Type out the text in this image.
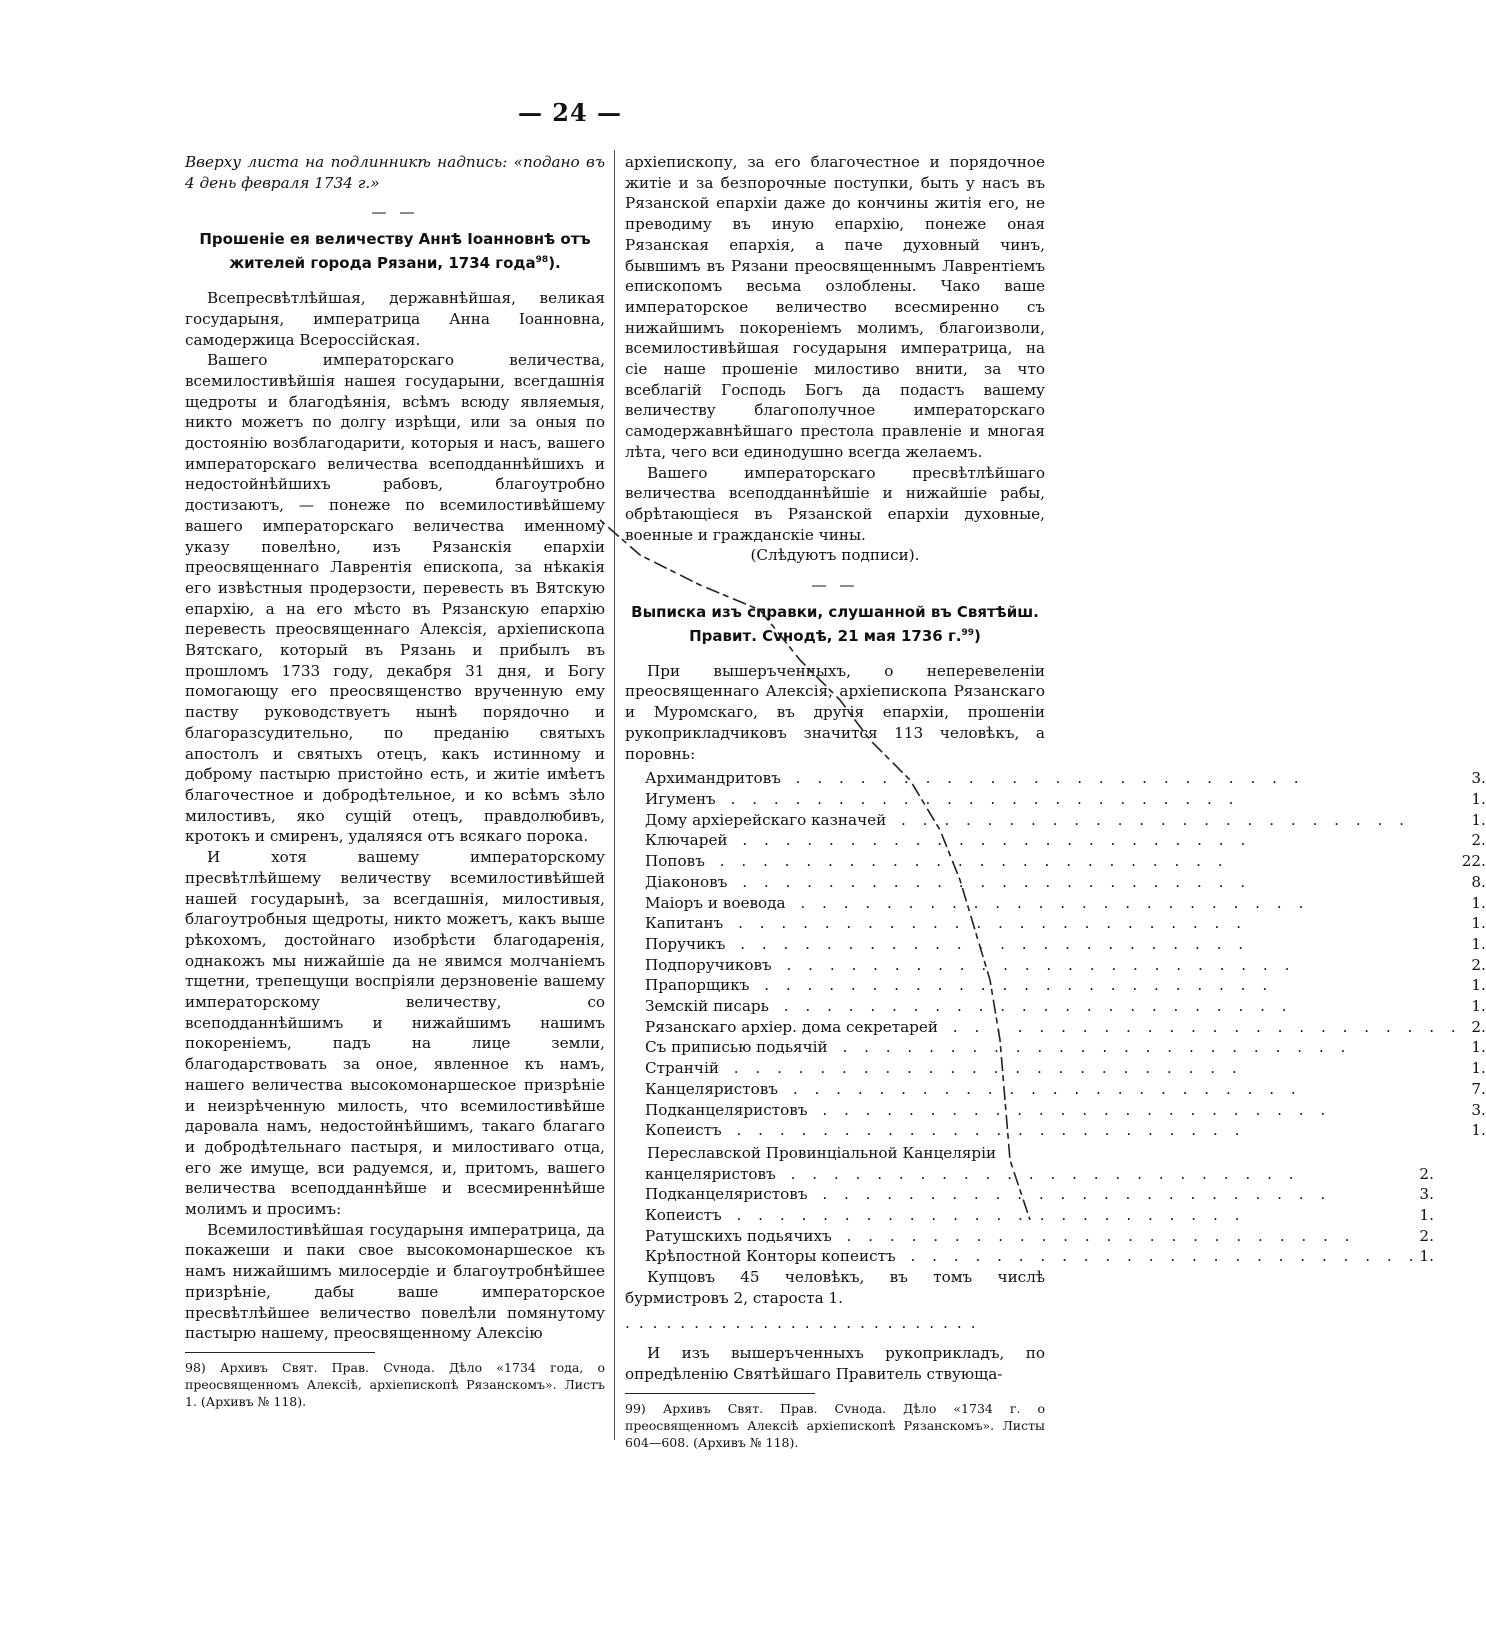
— 24 —

Вверху листа на подлинникѣ надпись: «подано въ 4 день февраля 1734 г.»

— —
Прошеніе ея величеству Аннѣ Іоанновнѣ отъ жителей города Рязани, 1734 года$^{98}$).

Всепресвѣтлѣйшая, державнѣйшая, великая государыня, императрица Анна Іоанновна, самодержица Всероссійская.

Вашего императорскаго величества, всемилостивѣйшія нашея государыни, всегдашнія щедроты и благодѣянія, всѣмъ всюду являемыя, никто можетъ по долгу изрѣщи, или за оныя по достоянію возблагодарити, которыя и насъ, вашего императорскаго величества всеподданнѣйшихъ и недостойнѣйшихъ рабовъ, благоутробно достизаютъ, — понеже по всемилостивѣйшему вашего императорскаго величества именному указу повелѣно, изъ Рязанскія епархіи преосвященнаго Лаврентія епископа, за нѣкакія его извѣстныя продерзости, перевесть въ Вятскую епархію, а на его мѣсто въ Рязанскую епархію перевесть преосвященнаго Алексія, архіепископа Вятскаго, который въ Рязань и прибылъ въ прошломъ 1733 году, декабря 31 дня, и Богу помогающу его преосвященство врученную ему паству руководствуетъ нынѣ порядочно и благоразсудительно, по преданію святыхъ апостолъ и святыхъ отецъ, какъ истинному и доброму пастырю пристойно есть, и житіе имѣетъ благочестное и добродѣтельное, и ко всѣмъ зѣло милостивъ, яко сущій отецъ, правдолюбивъ, кротокъ и смиренъ, удаляяся отъ всякаго порока.

И хотя вашему императорскому пресвѣтлѣйшему величеству всемилостивѣйшей нашей государынѣ, за всегдашнія, милостивыя, благоутробныя щедроты, никто можетъ, какъ выше рѣкохомъ, достойнаго изобрѣсти благодаренія, однакожъ мы нижайшіе да не явимся молчаніемъ тщетни, трепещущи воспріяли дерзновеніе вашему императорскому величеству, со всеподданнѣйшимъ и нижайшимъ нашимъ покореніемъ, падъ на лице земли, благодарствовать за оное, явленное къ намъ, нашего величества высокомонаршеское призрѣніе и неизрѣченную милость, что всемилостивѣйше даровала намъ, недостойнѣйшимъ, такаго благаго и добродѣтельнаго пастыря, и милостиваго отца, его же имуще, вси радуемся, и, притомъ, вашего величества всеподданнѣйше и всесмиреннѣйше молимъ и просимъ:

Всемилостивѣйшая государыня императрица, да покажеши и паки свое высокомонаршеское къ намъ нижайшимъ милосердіе и благоутробнѣйшее призрѣніе, дабы ваше императорское пресвѣтлѣйшее величество повелѣли помянутому пастырю нашему, преосвященному Алексію

98) Архивъ Свят. Прав. Сvнода. Дѣло «1734 года, о преосвященномъ Алексіѣ, архіепископѣ Рязанскомъ». Листъ 1. (Архивъ № 118).

архіепископу, за его благочестное и порядочное житіе и за безпорочные поступки, быть у насъ въ Рязанской епархіи даже до кончины житія его, не преводиму въ иную епархію, понеже оная Рязанская епархія, а паче духовный чинъ, бывшимъ въ Рязани преосвященнымъ Лаврентіемъ епископомъ весьма озлоблены. Чако ваше императорское величество всесмиренно съ нижайшимъ покореніемъ молимъ, благоизволи, всемилостивѣйшая государыня императрица, на сіе наше прошеніе милостиво внити, за что всеблагій Господь Богъ да подастъ вашему величеству благополучное императорскаго самодержавнѣйшаго престола правленіе и многая лѣта, чего вси единодушно всегда желаемъ.

Вашего императорскаго пресвѣтлѣйшаго величества всеподданнѣйшіе и нижайшіе рабы, обрѣтающіеся въ Рязанской епархіи духовные, военные и гражданскіе чины.

(Слѣдуютъ подписи).

— —
Выписка изъ справки, слушанной въ Святѣйш. Правит. Сvнодѣ, 21 мая 1736 г.$^{99}$)

При вышеръченныхъ, о неперевеленіи преосвященнаго Алексія, архіепископа Рязанскаго и Муромскаго, въ другія епархіи, прошеніи рукоприкладчиковъ значится 113 человѣкъ, а поровнь:

Архимандритовъ . . . . . . . . . . . . . . . . . . . . . . . .	3.
Игуменъ . . . . . . . . . . . . . . . . . . . . . . . .	1.
Дому архіерейскаго казначей . . . . . . . . . . . . . . . . . . . . . . . .	1.
Ключарей . . . . . . . . . . . . . . . . . . . . . . . .	2.
Поповъ . . . . . . . . . . . . . . . . . . . . . . . .	22.
Діаконовъ . . . . . . . . . . . . . . . . . . . . . . . .	8.
Маіоръ и воевода . . . . . . . . . . . . . . . . . . . . . . . .	1.
Капитанъ . . . . . . . . . . . . . . . . . . . . . . . .	1.
Поручикъ . . . . . . . . . . . . . . . . . . . . . . . .	1.
Подпоручиковъ . . . . . . . . . . . . . . . . . . . . . . . .	2.
Прапорщикъ . . . . . . . . . . . . . . . . . . . . . . . .	1.
Земскій писарь . . . . . . . . . . . . . . . . . . . . . . . .	1.
Рязанскаго архіер. дома секретарей . . . . . . . . . . . . . . . . . . . . . . . .	2.
Съ приписью подьячій . . . . . . . . . . . . . . . . . . . . . . . .	1.
Странчій . . . . . . . . . . . . . . . . . . . . . . . .	1.
Канцеляристовъ . . . . . . . . . . . . . . . . . . . . . . . .	7.
Подканцеляристовъ . . . . . . . . . . . . . . . . . . . . . . . .	3.
Копеистъ . . . . . . . . . . . . . . . . . . . . . . . .	1.

Переславской Провинціальной Канцеляріи

канцеляристовъ . . . . . . . . . . . . . . . . . . . . . . . .	2.
Подканцеляристовъ . . . . . . . . . . . . . . . . . . . . . . . .	3.
Копеистъ . . . . . . . . . . . . . . . . . . . . . . . .	1.
Ратушскихъ подьячихъ . . . . . . . . . . . . . . . . . . . . . . . .	2.
Крѣпостной Конторы копеистъ . . . . . . . . . . . . . . . . . . . . . . . .	1.

Купцовъ 45 человѣкъ, въ томъ числѣ бурмистровъ 2, староста 1.

..........................

И изъ вышеръченныхъ рукоприкладъ, по опредѣленію Святѣйшаго Правитель ствующа-

99) Архивъ Свят. Прав. Сvнода. Дѣло «1734 г. о преосвященномъ Алексіѣ архіепископѣ Рязанскомъ». Листы 604—608. (Архивъ № 118).
